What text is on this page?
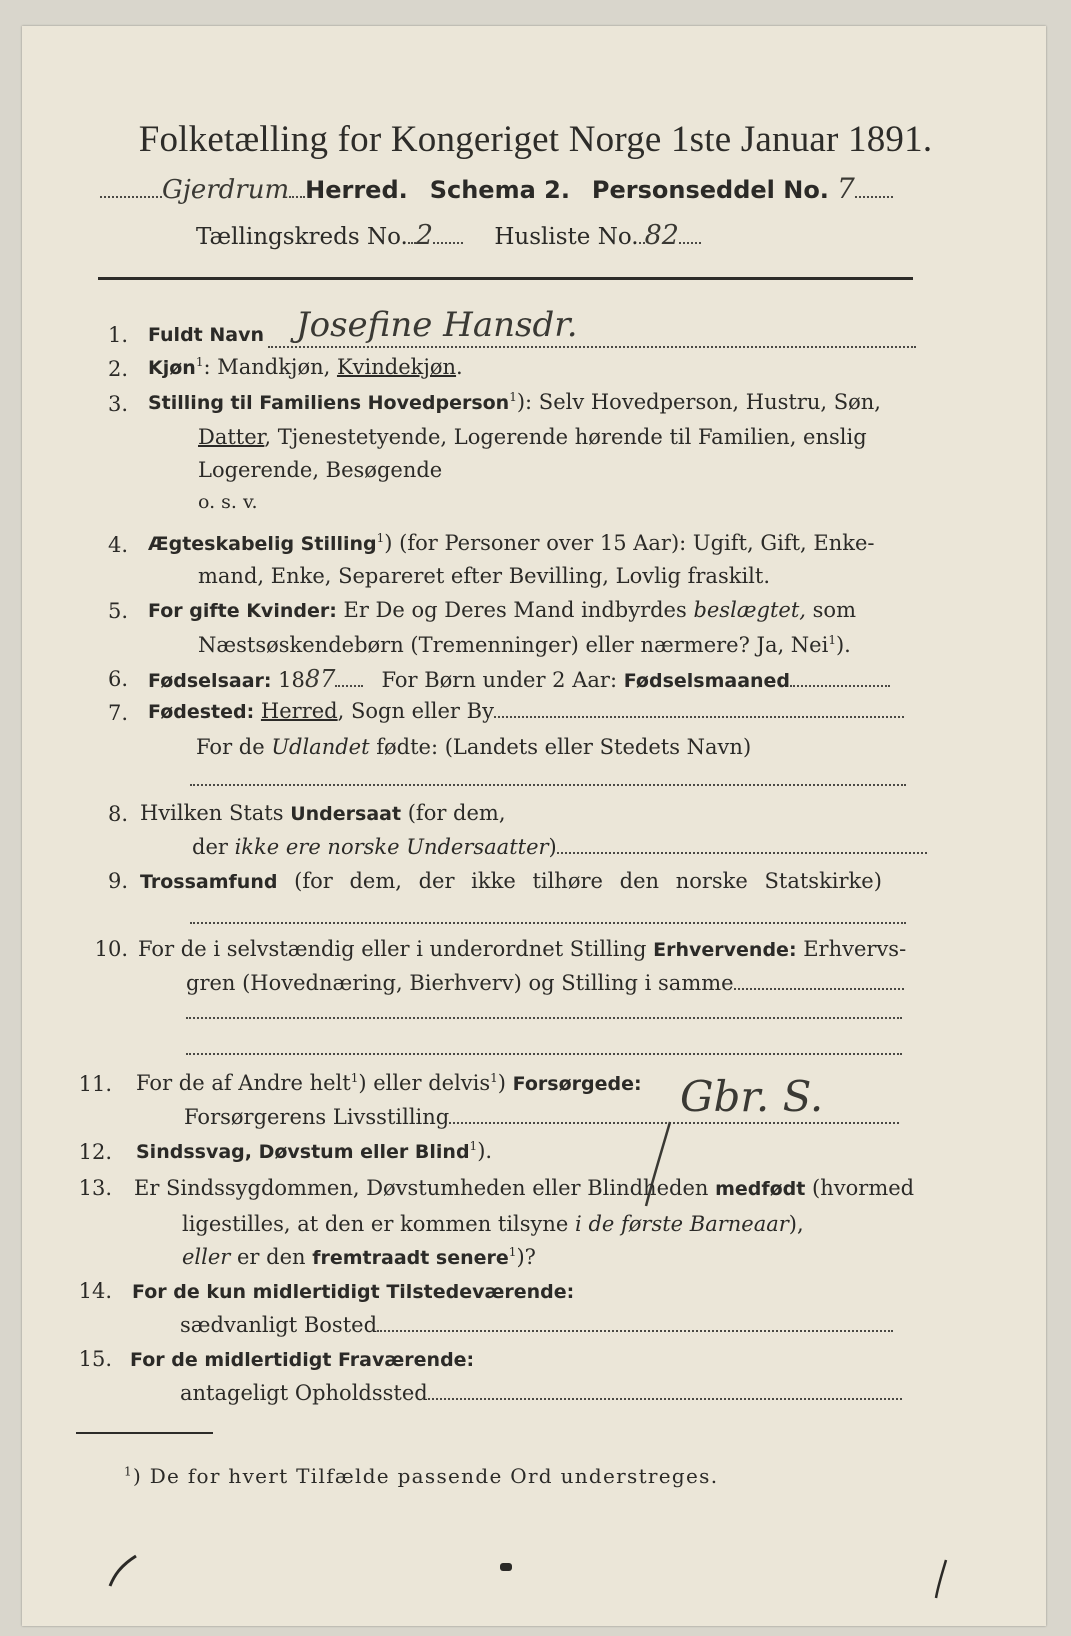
Folketælling for Kongeriget Norge 1ste Januar 1891.
Gjerdrum Herred. Schema 2. Personseddel No. 7
Tællingskreds No. 2	Husliste No. 82
1. Fuldt Navn Josefine Hansdr.
2. Kjøn$^1$: Mandkjøn, Kvindekjøn.
3. Stilling til Familiens Hovedperson$^1$): Selv Hovedperson, Hustru, Søn,
Datter, Tjenestetyende, Logerende hørende til Familien, enslig
Logerende, Besøgende
o. s. v.
4. Ægteskabelig Stilling$^1$) (for Personer over 15 Aar): Ugift, Gift, Enke-
mand, Enke, Separeret efter Bevilling, Lovlig fraskilt.
5. For gifte Kvinder: Er De og Deres Mand indbyrdes beslægtet, som
Næstsøskendebørn (Tremenninger) eller nærmere? Ja, Nei$^1$).
6. Fødselsaar: 1887 For Børn under 2 Aar: Fødselsmaaned
7. Fødested: Herred, Sogn eller By
For de Udlandet fødte: (Landets eller Stedets Navn)
8. Hvilken Stats Undersaat (for dem,
der ikke ere norske Undersaatter)
9. Trossamfund (for dem, der ikke tilhøre den norske Statskirke)
10. For de i selvstændig eller i underordnet Stilling Erhvervende: Erhvervs-
gren (Hovednæring, Bierhverv) og Stilling i samme
11. For de af Andre helt$^1$) eller delvis$^1$) Forsørgede:
Forsørgerens Livsstilling	Gbr. S.
12. Sindssvag, Døvstum eller Blind$^1$).
13. Er Sindssygdommen, Døvstumheden eller Blindheden medfødt (hvormed
ligestilles, at den er kommen tilsyne i de første Barneaar),
eller er den fremtraadt senere$^1$)?
14. For de kun midlertidigt Tilstedeværende:
sædvanligt Bosted
15. For de midlertidigt Fraværende:
antageligt Opholdssted
$^1$) De for hvert Tilfælde passende Ord understreges.
